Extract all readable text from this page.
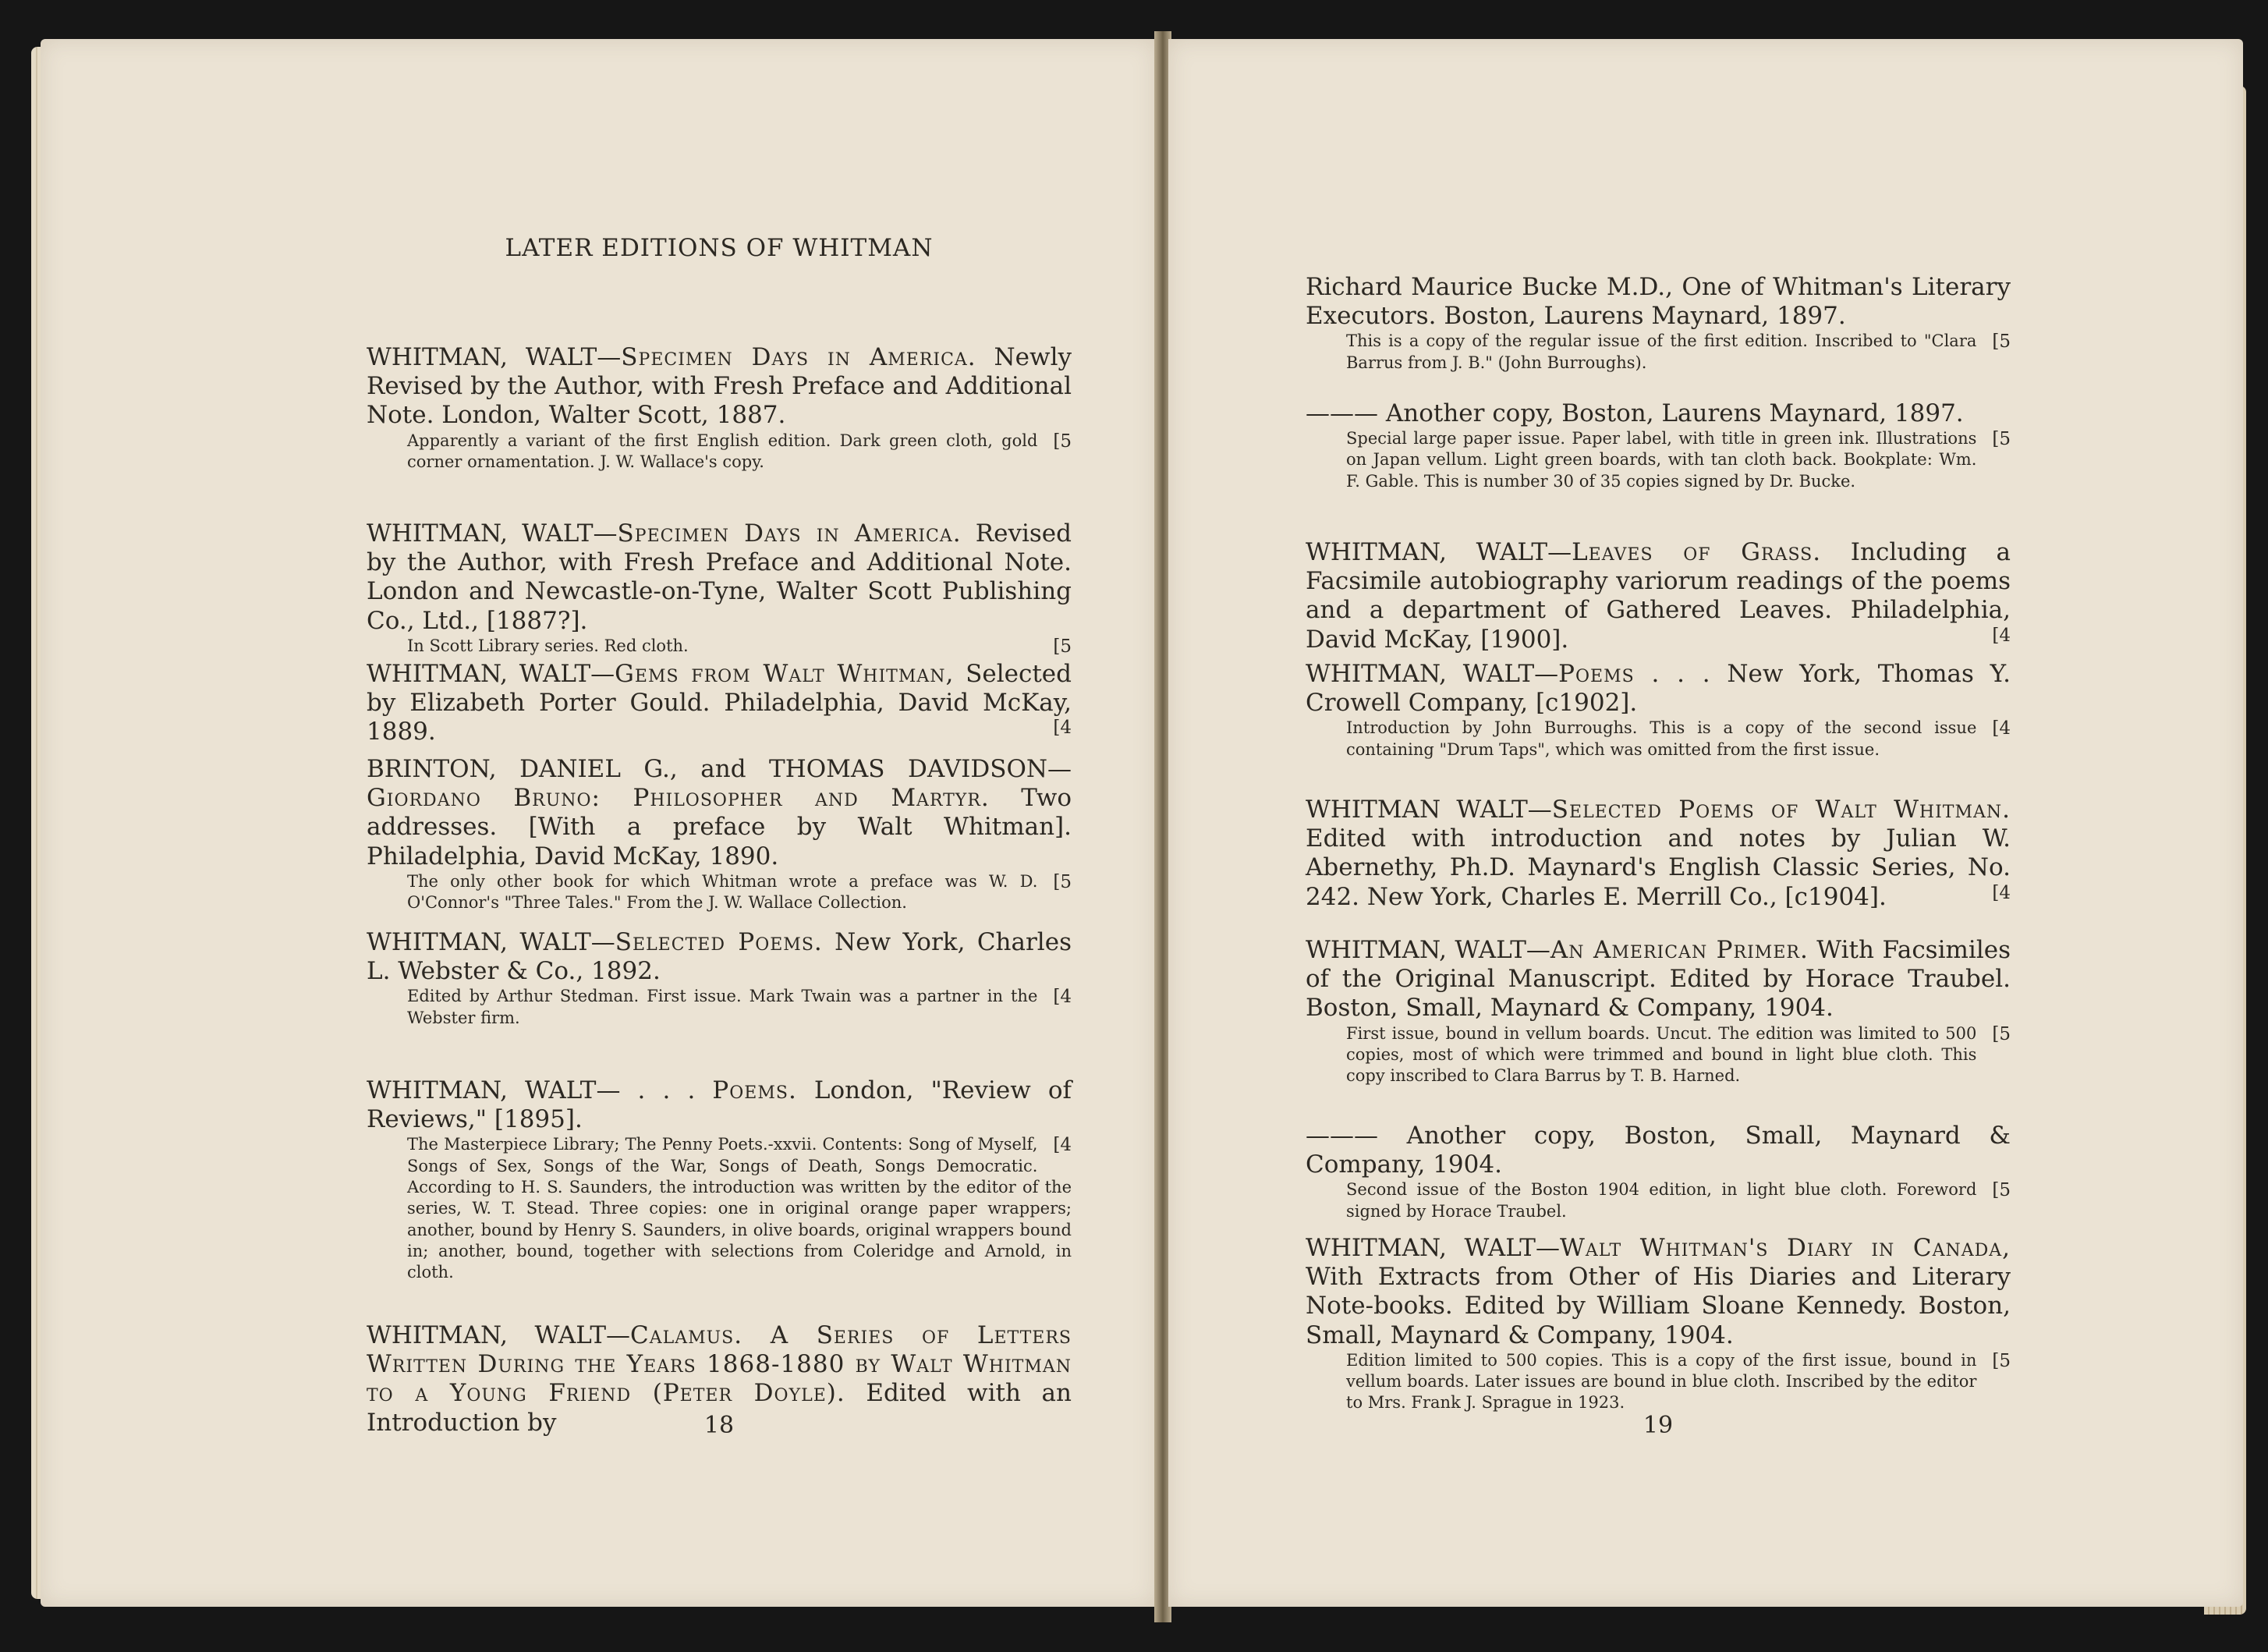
LATER EDITIONS OF WHITMAN
18
WHITMAN, WALT—Specimen Days in America. Newly Revised by the Author, with Fresh Preface and Additional Note. London, Walter Scott, 1887.
[5
Apparently a variant of the first English edition. Dark green cloth, gold corner ornamentation. J. W. Wallace's copy.
WHITMAN, WALT—Specimen Days in America. Revised by the Author, with Fresh Preface and Additional Note. London and Newcastle-on-Tyne, Walter Scott Publishing Co., Ltd., [1887?].
[5
In Scott Library series. Red cloth.
WHITMAN, WALT—Gems from Walt Whitman, Selected by Elizabeth Porter Gould. Philadelphia, David McKay, 1889.	[4
BRINTON, DANIEL G., and THOMAS DAVIDSON—Giordano Bruno: Philosopher and Martyr. Two addresses. [With a preface by Walt Whitman]. Philadelphia, David McKay, 1890.
[5
The only other book for which Whitman wrote a preface was W. D. O'Connor's "Three Tales." From the J. W. Wallace Collection.
WHITMAN, WALT—Selected Poems. New York, Charles L. Webster & Co., 1892.
[4
Edited by Arthur Stedman. First issue. Mark Twain was a partner in the Webster firm.
WHITMAN, WALT— . . . Poems. London, "Review of Reviews," [1895].
[4
The Masterpiece Library; The Penny Poets.-xxvii. Contents: Song of Myself, Songs of Sex, Songs of the War, Songs of Death, Songs Democratic. According to H. S. Saunders, the introduction was written by the editor of the series, W. T. Stead. Three copies: one in original orange paper wrappers; another, bound by Henry S. Saunders, in olive boards, original wrappers bound in; another, bound, together with selections from Coleridge and Arnold, in cloth.
WHITMAN, WALT—Calamus. A Series of Letters Written During the Years 1868-1880 by Walt Whitman to a Young Friend (Peter Doyle). Edited with an Introduction by	19
Richard Maurice Bucke M.D., One of Whitman's Literary Executors. Boston, Laurens Maynard, 1897.
[5
This is a copy of the regular issue of the first edition. Inscribed to "Clara Barrus from J. B." (John Burroughs).
——— Another copy, Boston, Laurens Maynard, 1897.
[5
Special large paper issue. Paper label, with title in green ink. Illustrations on Japan vellum. Light green boards, with tan cloth back. Bookplate: Wm. F. Gable. This is number 30 of 35 copies signed by Dr. Bucke.
WHITMAN, WALT—Leaves of Grass. Including a Facsimile autobiography variorum readings of the poems and a department of Gathered Leaves. Philadelphia, David McKay, [1900].	[4
WHITMAN, WALT—Poems . . . New York, Thomas Y. Crowell Company, [c1902].
[4
Introduction by John Burroughs. This is a copy of the second issue containing "Drum Taps", which was omitted from the first issue.
WHITMAN WALT—Selected Poems of Walt Whitman. Edited with introduction and notes by Julian W. Abernethy, Ph.D. Maynard's English Classic Series, No. 242. New York, Charles E. Merrill Co., [c1904].	[4
WHITMAN, WALT—An American Primer. With Facsimiles of the Original Manuscript. Edited by Horace Traubel. Boston, Small, Maynard & Company, 1904.
[5
First issue, bound in vellum boards. Uncut. The edition was limited to 500 copies, most of which were trimmed and bound in light blue cloth. This copy inscribed to Clara Barrus by T. B. Harned.
——— Another copy, Boston, Small, Maynard & Company, 1904.
[5
Second issue of the Boston 1904 edition, in light blue cloth. Foreword signed by Horace Traubel.
WHITMAN, WALT—Walt Whitman's Diary in Canada, With Extracts from Other of His Diaries and Literary Note-books. Edited by William Sloane Kennedy. Boston, Small, Maynard & Company, 1904.
[5
Edition limited to 500 copies. This is a copy of the first issue, bound in vellum boards. Later issues are bound in blue cloth. Inscribed by the editor to Mrs. Frank J. Sprague in 1923.
